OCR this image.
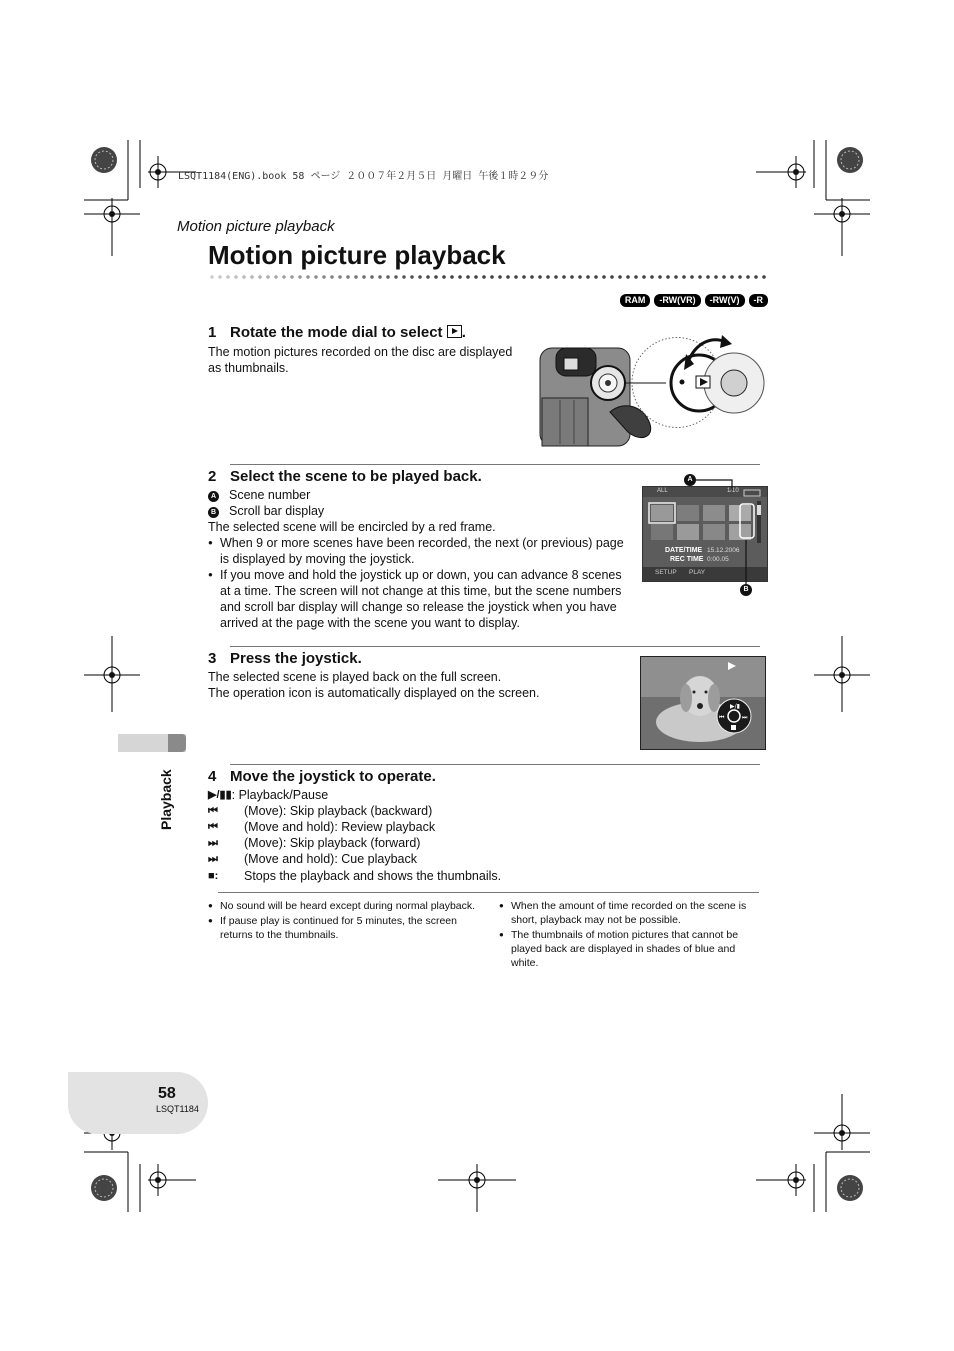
LSQT1184(ENG).book 58 ページ ２００７年２月５日 月曜日 午後１時２９分
Motion picture playback
Motion picture playback
RAM	-RW(VR)	-RW(V)	-R
1 Rotate the mode dial to select .
The motion pictures recorded on the disc are displayed as thumbnails.
2 Select the scene to be played back.
A Scene number
B Scroll bar display
The selected scene will be encircled by a red frame.
● When 9 or more scenes have been recorded, the next (or previous) page is displayed by moving the joystick.
● If you move and hold the joystick up or down, you can advance 8 scenes at a time. The screen will not change at this time, but the scene numbers and scroll bar display will change so release the joystick when you have arrived at the page with the scene you want to display.
ALL	1/10
DATE/TIME 15.12.2006
REC TIME 0:00.05
SETUP PLAY
A
B
3 Press the joystick.
The selected scene is played back on the full screen.
The operation icon is automatically displayed on the screen.
▶/▮
⏮	⏭
4 Move the joystick to operate.
▶/▮▮ : Playback/Pause
⏮	(Move): Skip playback (backward)
⏮	(Move and hold): Review playback
⏭	(Move): Skip playback (forward)
⏭	(Move and hold): Cue playback
■:	Stops the playback and shows the thumbnails.
● No sound will be heard except during normal playback.
● If pause play is continued for 5 minutes, the screen returns to the thumbnails.
● When the amount of time recorded on the scene is short, playback may not be possible.
● The thumbnails of motion pictures that cannot be played back are displayed in shades of blue and white.
Playback
58
LSQT1184
